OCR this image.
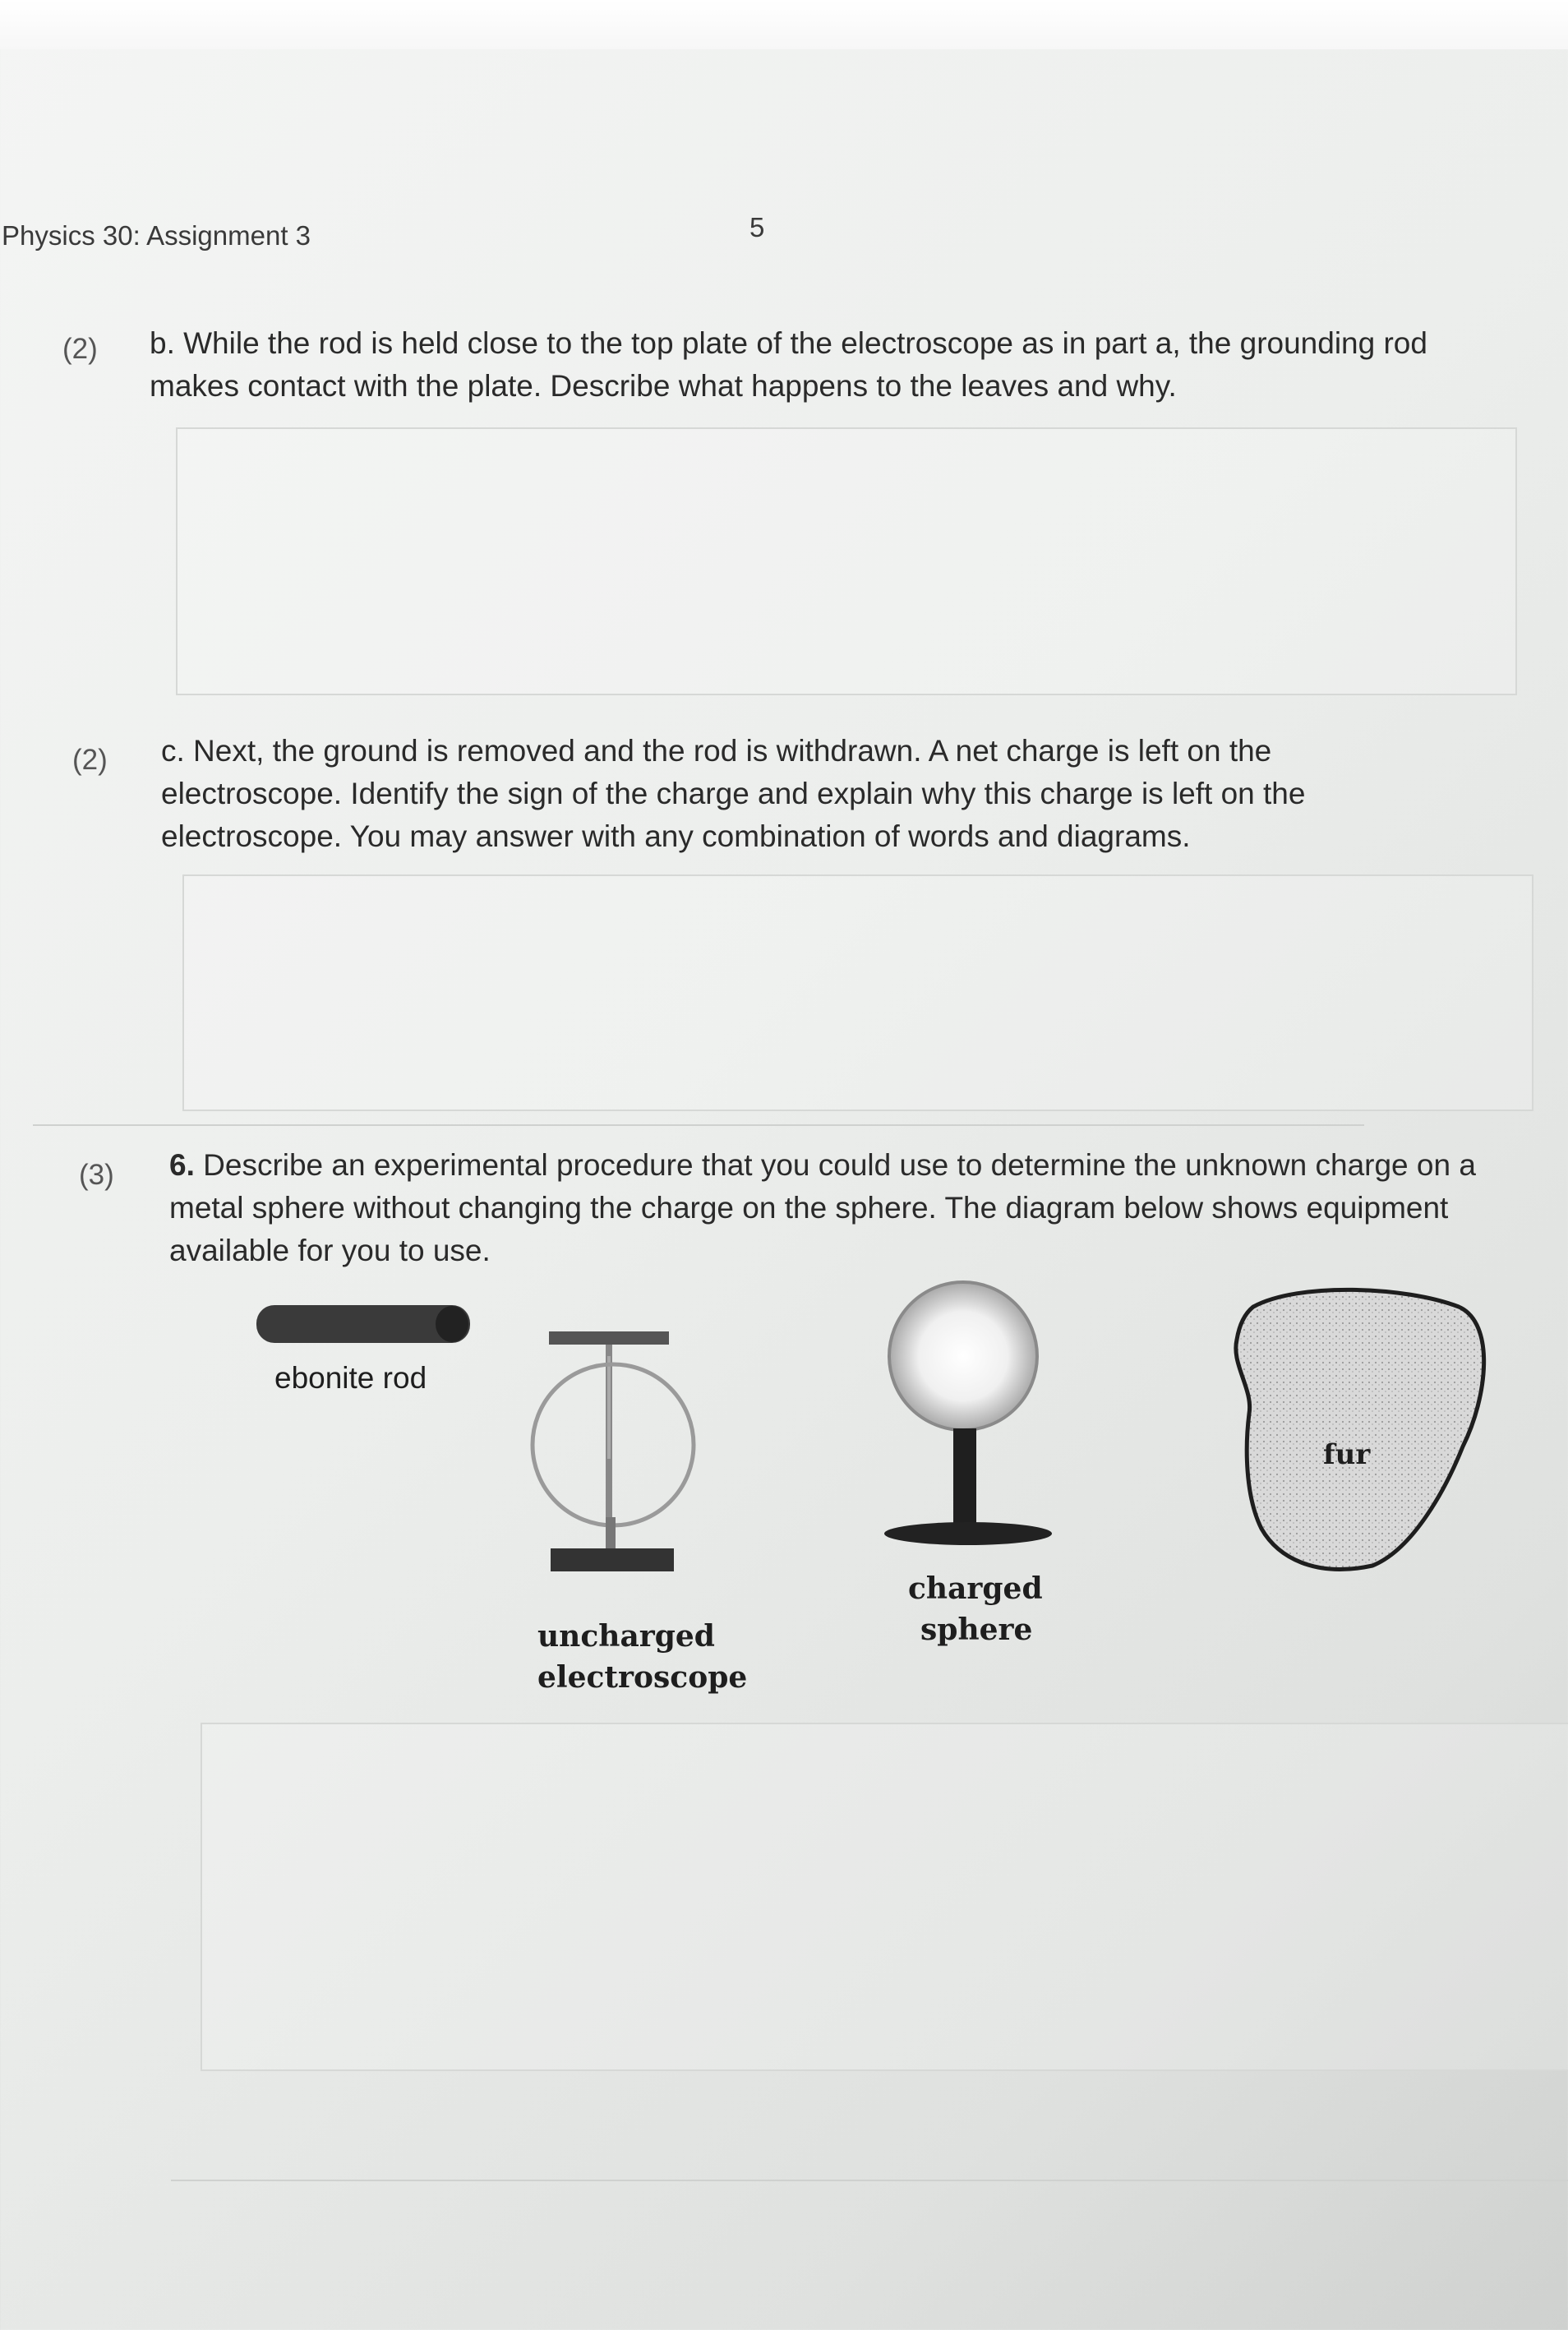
Physics 30: Assignment 3	5
(2) b. While the rod is held close to the top plate of the electroscope as in part a, the grounding rod makes contact with the plate. Describe what happens to the leaves and why.
(2) c. Next, the ground is removed and the rod is withdrawn. A net charge is left on the electroscope. Identify the sign of the charge and explain why this charge is left on the electroscope. You may answer with any combination of words and diagrams.
(3) 6. Describe an experimental procedure that you could use to determine the unknown charge on a metal sphere without changing the charge on the sphere. The diagram below shows equipment available for you to use.
ebonite rod
uncharged
electroscope
charged
sphere
fur
